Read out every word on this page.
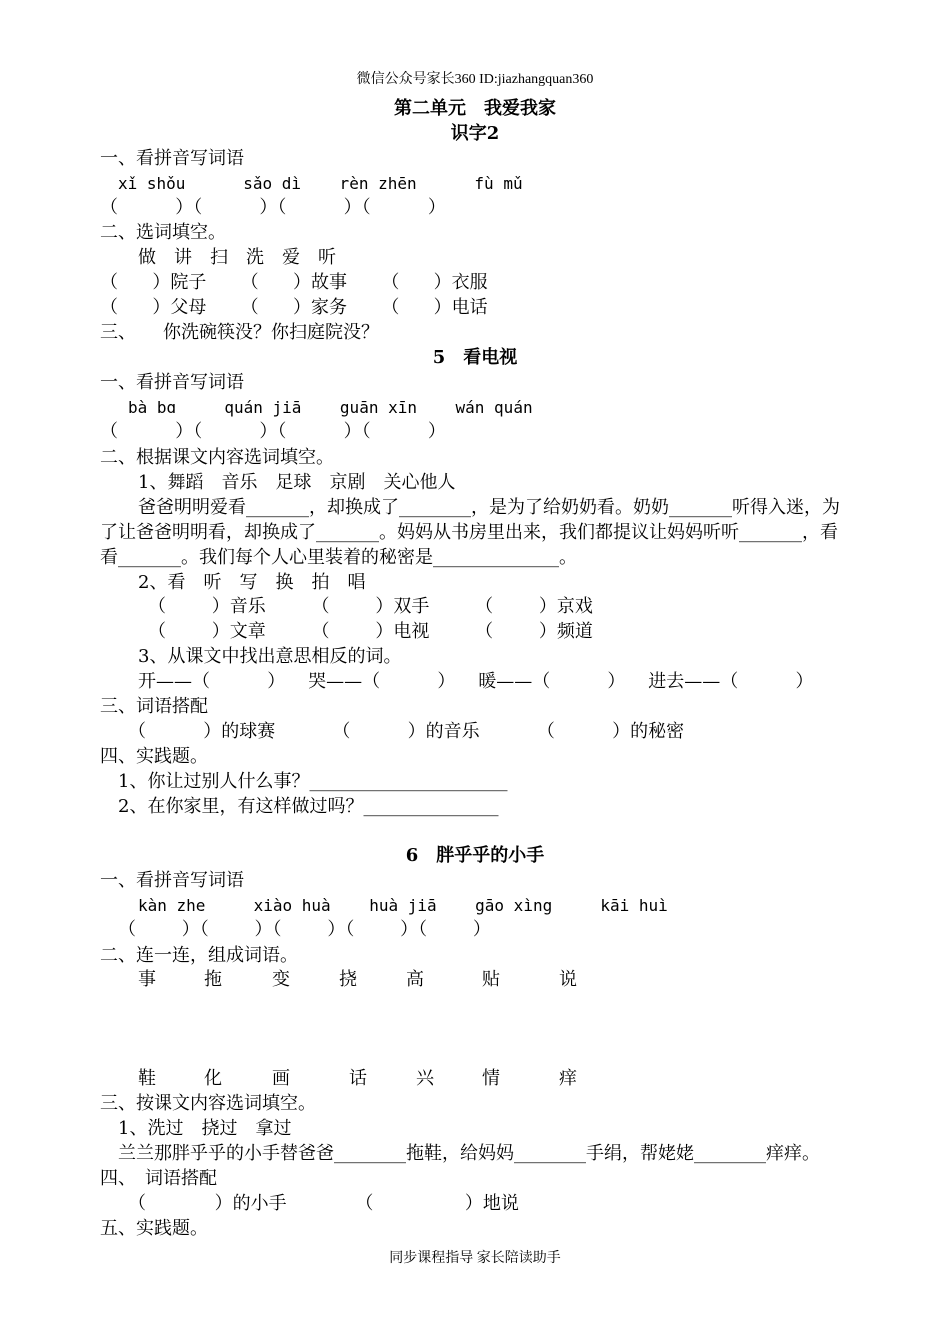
微信公众号家长360 ID:jiazhangquan360
第二单元　我爱我家
识字2
一、看拼音写词语
xǐ shǒu      sǎo dì    rèn zhēn      fù mǔ
（          ）（          ）（          ）（          ）
二、选词填空。
做　讲　扫　洗　爱　听
（      ）院子      （      ）故事      （      ）衣服
（      ）父母      （      ）家务      （      ）电话
三、　　你洗碗筷没？你扫庭院没？
5　看电视
一、看拼音写词语
bà bɑ     quán jiā    guān xīn    wán quán
（          ）（          ）（          ）（          ）
二、根据课文内容选词填空。
1、舞蹈　音乐　足球　京剧　关心他人
爸爸明明爱看_______，却换成了________，是为了给奶奶看。奶奶_______听得入迷，为
了让爸爸明明看，却换成了_______。妈妈从书房里出来，我们都提议让妈妈听听_______，看
看_______。我们每个人心里装着的秘密是______________。
2、看　听　写　换　拍　唱
（        ）音乐        （        ）双手        （        ）京戏
（        ）文章        （        ）电视        （        ）频道
3、从课文中找出意思相反的词。
开——（          ）    哭——（          ）    暖——（          ）    进去——（          ）
三、词语搭配
（          ）的球赛          （          ）的音乐          （          ）的秘密
四、实践题。
1、你让过别人什么事？______________________
2、在你家里，有这样做过吗？_______________
6　胖乎乎的小手
一、看拼音写词语
kàn zhe     xiào huà    huà jiā    gāo xìng     kāi huì
（        ）（        ）（        ）（        ）（        ）
二、连一连，组成词语。
事	拖	变	挠	高	贴	说
鞋	化	画	话	兴	情	痒
三、按课文内容选词填空。
1、洗过　挠过　拿过
兰兰那胖乎乎的小手替爸爸________拖鞋，给妈妈________手绢，帮姥姥________痒痒。
四、　词语搭配
（            ）的小手            （                ）地说
五、实践题。
同步课程指导 家长陪读助手
